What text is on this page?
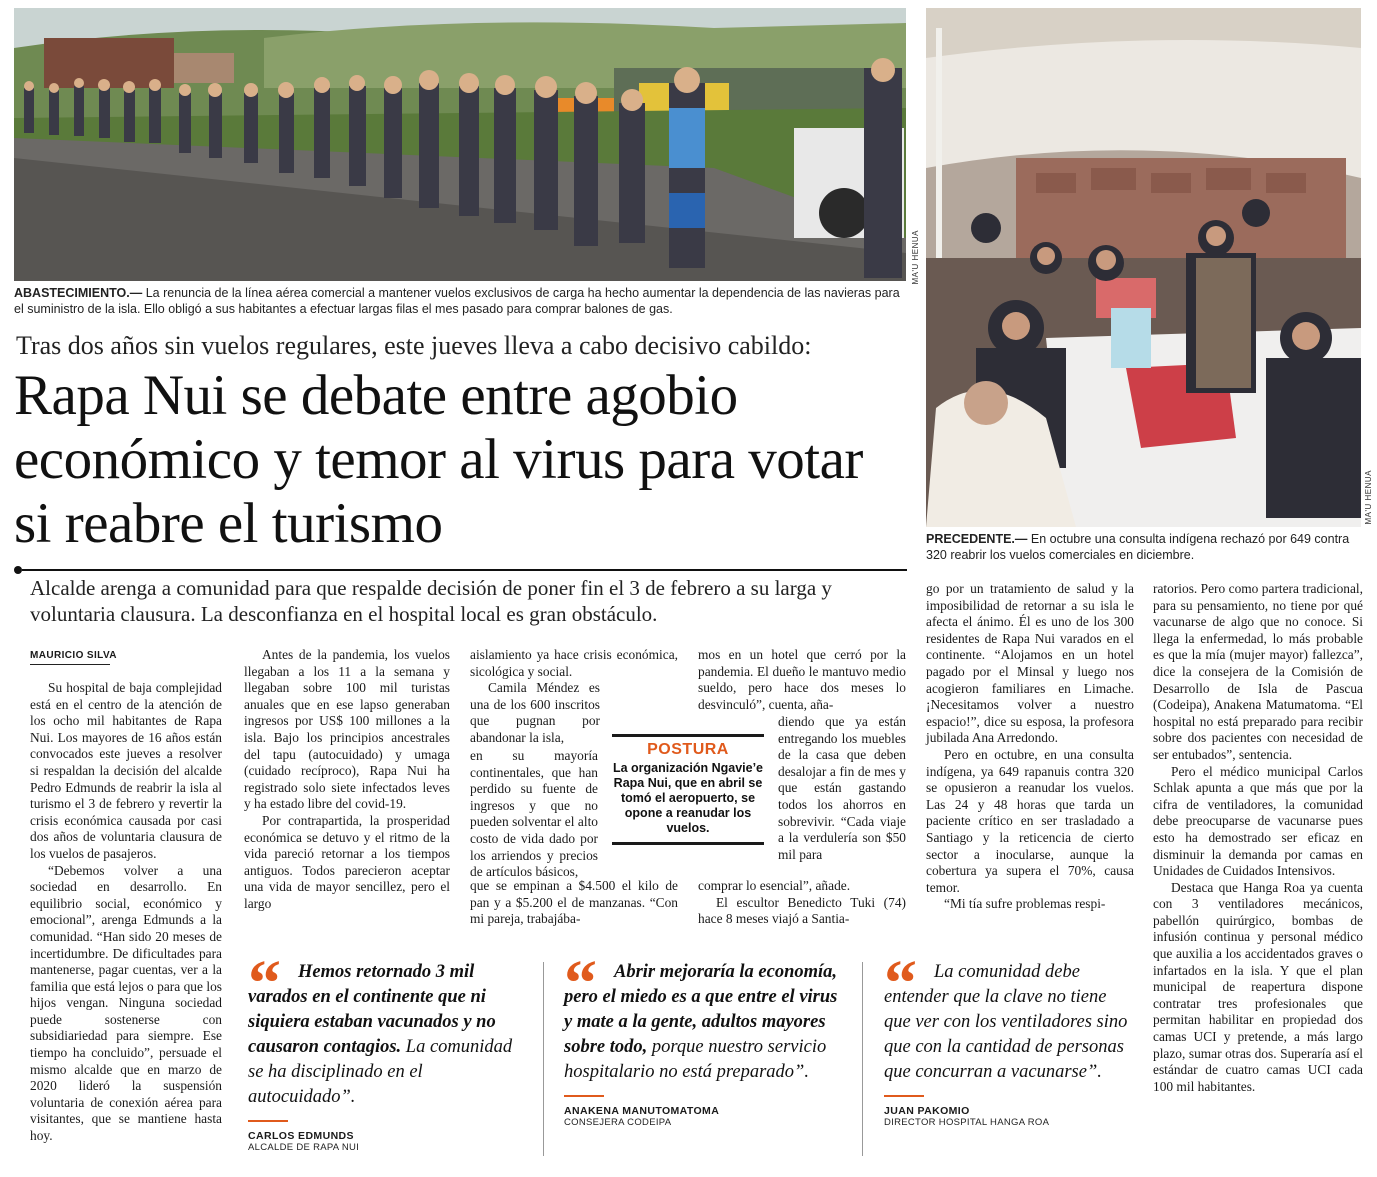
MA'U HENUA
ABASTECIMIENTO.— La renuncia de la línea aérea comercial a mantener vuelos exclusivos de carga ha hecho aumentar la dependencia de las navieras para el suministro de la isla. Ello obligó a sus habitantes a efectuar largas filas el mes pasado para comprar balones de gas.
MA'U HENUA
PRECEDENTE.— En octubre una consulta indígena rechazó por 649 contra 320 reabrir los vuelos comerciales en diciembre.
Tras dos años sin vuelos regulares, este jueves lleva a cabo decisivo cabildo:
Rapa Nui se debate entre agobio económico y temor al virus para votar si reabre el turismo
Alcalde arenga a comunidad para que respalde decisión de poner fin el 3 de febrero a su larga y voluntaria clausura. La desconfianza en el hospital local es gran obstáculo.
MAURICIO SILVA

Su hospital de baja complejidad está en el centro de la atención de los ocho mil habitantes de Rapa Nui. Los mayores de 16 años están convocados este jueves a resolver si respaldan la decisión del alcalde Pedro Edmunds de reabrir la isla al turismo el 3 de febrero y revertir la crisis económica causada por casi dos años de voluntaria clausura de los vuelos de pasajeros.

“Debemos volver a una sociedad en desarrollo. En equilibrio social, económico y emocional”, arenga Edmunds a la comunidad. “Han sido 20 meses de incertidumbre. De dificultades para mantenerse, pagar cuentas, ver a la familia que está lejos o para que los hijos vengan. Ninguna sociedad puede sostenerse con subsidiariedad para siempre. Ese tiempo ha concluido”, persuade el mismo alcalde que en marzo de 2020 lideró la suspensión voluntaria de conexión aérea para visitantes, que se mantiene hasta hoy.

Antes de la pandemia, los vuelos llegaban a los 11 a la semana y llegaban sobre 100 mil turistas anuales que en ese lapso generaban ingresos por US$ 100 millones a la isla. Bajo los principios ancestrales del tapu (autocuidado) y umaga (cuidado recíproco), Rapa Nui ha registrado solo siete infectados leves y ha estado libre del covid-19.

Por contrapartida, la prosperidad económica se detuvo y el ritmo de la vida pareció retornar a los tiempos antiguos. Todos parecieron aceptar una vida de mayor sencillez, pero el largo

aislamiento ya hace crisis económica, sicológica y social.

Camila Méndez es una de los 600 inscritos que pugnan por abandonar la isla,

en su mayoría continentales, que han perdido su fuente de ingresos y que no pueden solventar el alto costo de vida dado por los arriendos y precios de artículos básicos,

que se empinan a $4.500 el kilo de pan y a $5.200 el de manzanas. “Con mi pareja, trabajába-

mos en un hotel que cerró por la pandemia. El dueño le mantuvo medio sueldo, pero hace dos meses lo desvinculó”, cuenta, aña-

diendo que ya están entregando los muebles de la casa que deben desalojar a fin de mes y que están gastando todos los ahorros en sobrevivir. “Cada viaje a la verdulería son $50 mil para

comprar lo esencial”, añade.

El escultor Benedicto Tuki (74) hace 8 meses viajó a Santia-

POSTURA
La organización Ngavie’e Rapa Nui, que en abril se tomó el aeropuerto, se opone a reanudar los vuelos.

go por un tratamiento de salud y la imposibilidad de retornar a su isla le afecta el ánimo. Él es uno de los 300 residentes de Rapa Nui varados en el continente. “Alojamos en un hotel pagado por el Minsal y luego nos acogieron familiares en Limache. ¡Necesitamos volver a nuestro espacio!”, dice su esposa, la profesora jubilada Ana Arredondo.

Pero en octubre, en una consulta indígena, ya 649 rapanuis contra 320 se opusieron a reanudar los vuelos. Las 24 y 48 horas que tarda un paciente crítico en ser trasladado a Santiago y la reticencia de cierto sector a inocularse, aunque la cobertura ya supera el 70%, causa temor.

“Mi tía sufre problemas respi-

ratorios. Pero como partera tradicional, para su pensamiento, no tiene por qué vacunarse de algo que no conoce. Si llega la enfermedad, lo más probable es que la mía (mujer mayor) fallezca”, dice la consejera de la Comisión de Desarrollo de Isla de Pascua (Codeipa), Anakena Matumatoma. “El hospital no está preparado para recibir sobre dos pacientes con necesidad de ser entubados”, sentencia.

Pero el médico municipal Carlos Schlak apunta a que más que por la cifra de ventiladores, la comunidad debe preocuparse de vacunarse pues esto ha demostrado ser eficaz en disminuir la demanda por camas en Unidades de Cuidados Intensivos.

Destaca que Hanga Roa ya cuenta con 3 ventiladores mecánicos, pabellón quirúrgico, bombas de infusión continua y personal médico que auxilia a los accidentados graves o infartados en la isla. Y que el plan municipal de reapertura dispone contratar tres profesionales que permitan habilitar en propiedad dos camas UCI y pretende, a más largo plazo, sumar otras dos. Superaría así el estándar de cuatro camas UCI cada 100 mil habitantes.

“ Hemos retornado 3 mil varados en el continente que ni siquiera estaban vacunados y no causaron contagios. La comunidad se ha disciplinado en el autocuidado”.
CARLOS EDMUNDS
ALCALDE DE RAPA NUI
“ Abrir mejoraría la economía, pero el miedo es a que entre el virus y mate a la gente, adultos mayores sobre todo, porque nuestro servicio hospitalario no está preparado”.
ANAKENA MANUTOMATOMA
CONSEJERA CODEIPA
“ La comunidad debe entender que la clave no tiene que ver con los ventiladores sino que con la cantidad de personas que concurran a vacunarse”.
JUAN PAKOMIO
DIRECTOR HOSPITAL HANGA ROA
